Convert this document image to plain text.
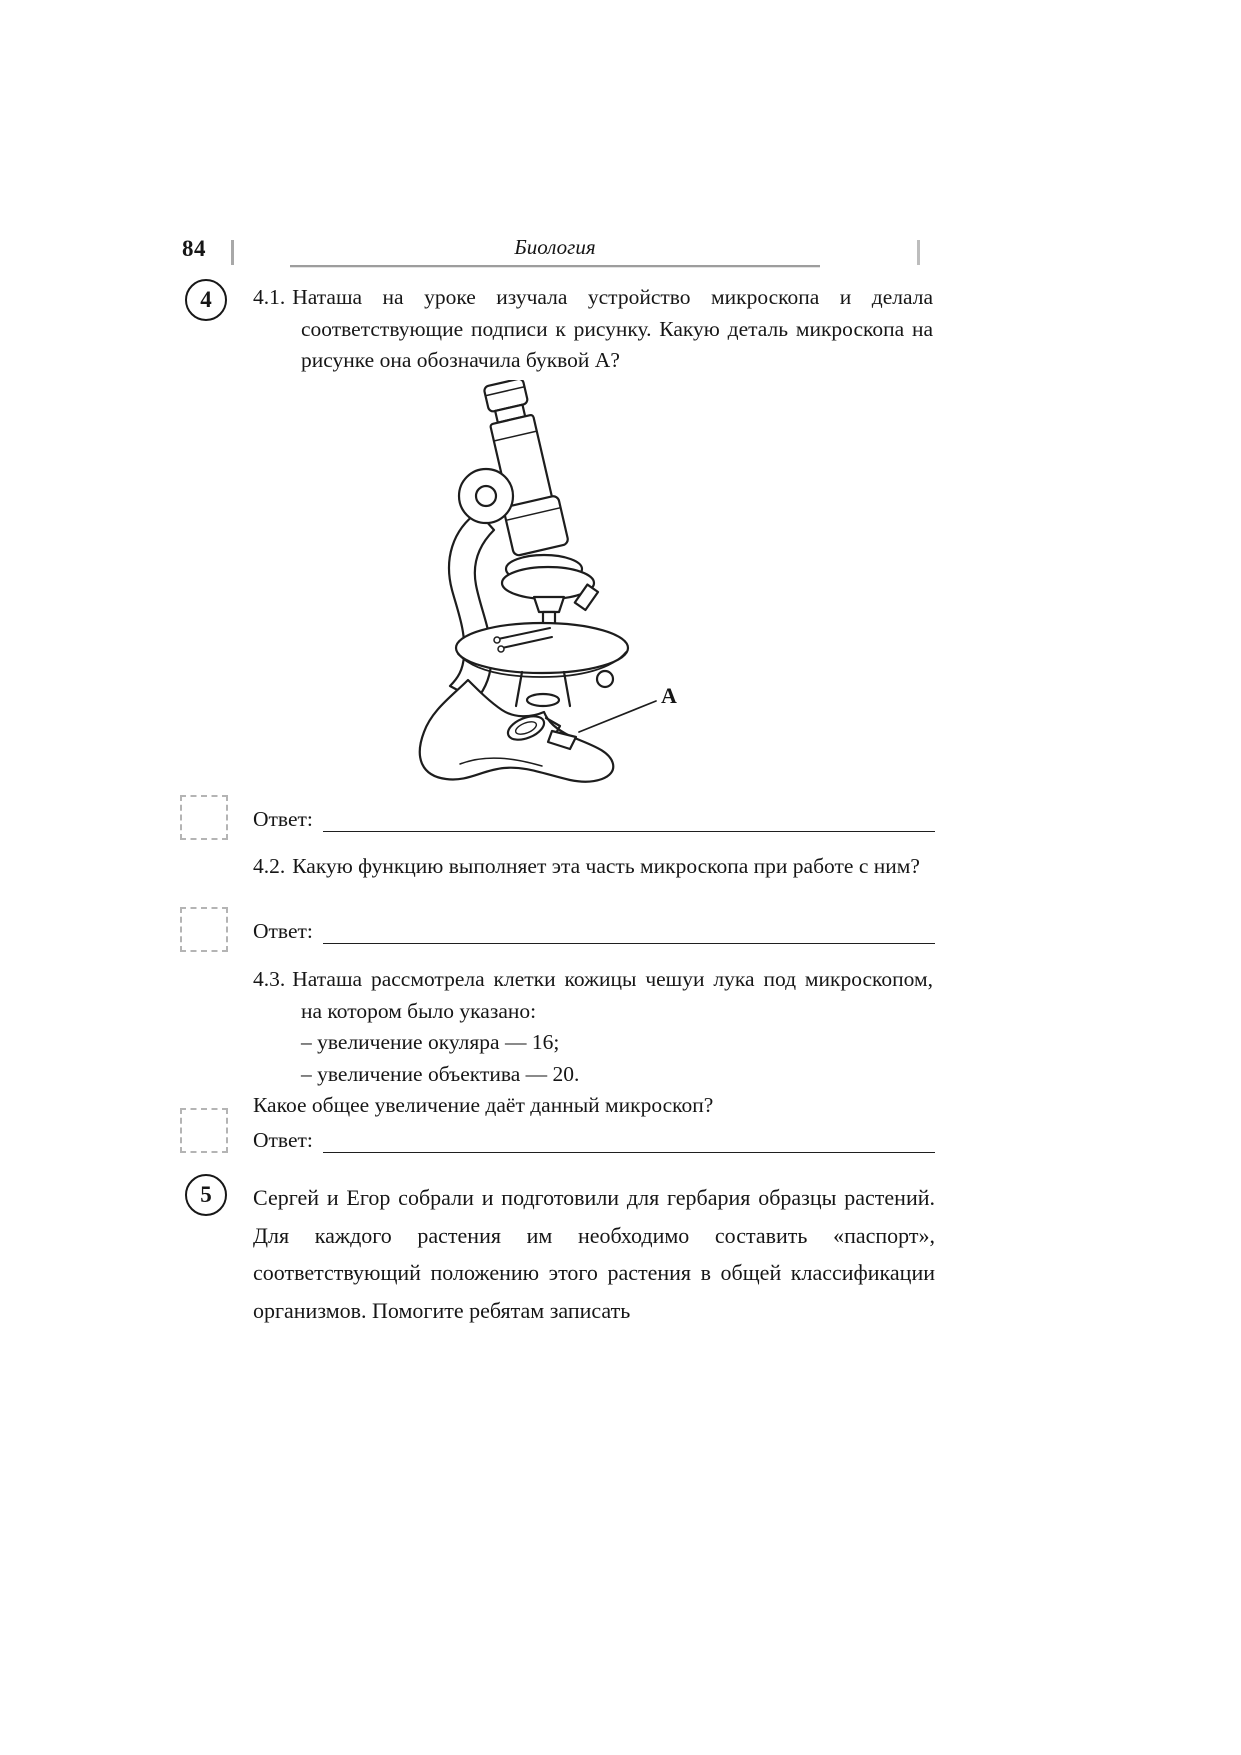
84	Биология
4	4.1. Наташа на уроке изучала устройство микроскопа и делала соответствующие подписи к рисунку. Какую деталь микроскопа на рисунке она обозначила буквой А?

А
Ответ:

4.2. Какую функцию выполняет эта часть микроскопа при работе с ним?

Ответ:

4.3. Наташа рассмотрела клетки кожицы чешуи лука под микроскопом, на котором было указано:

– увеличение окуляра — 16;
– увеличение объектива — 20.
Какое общее увеличение даёт данный микроскоп?
Ответ:
5	Сергей и Егор собрали и подготовили для гербария образцы растений. Для каждого растения им необходимо составить «паспорт», соответствующий положению этого растения в общей классификации организмов. Помогите ребятам записать
